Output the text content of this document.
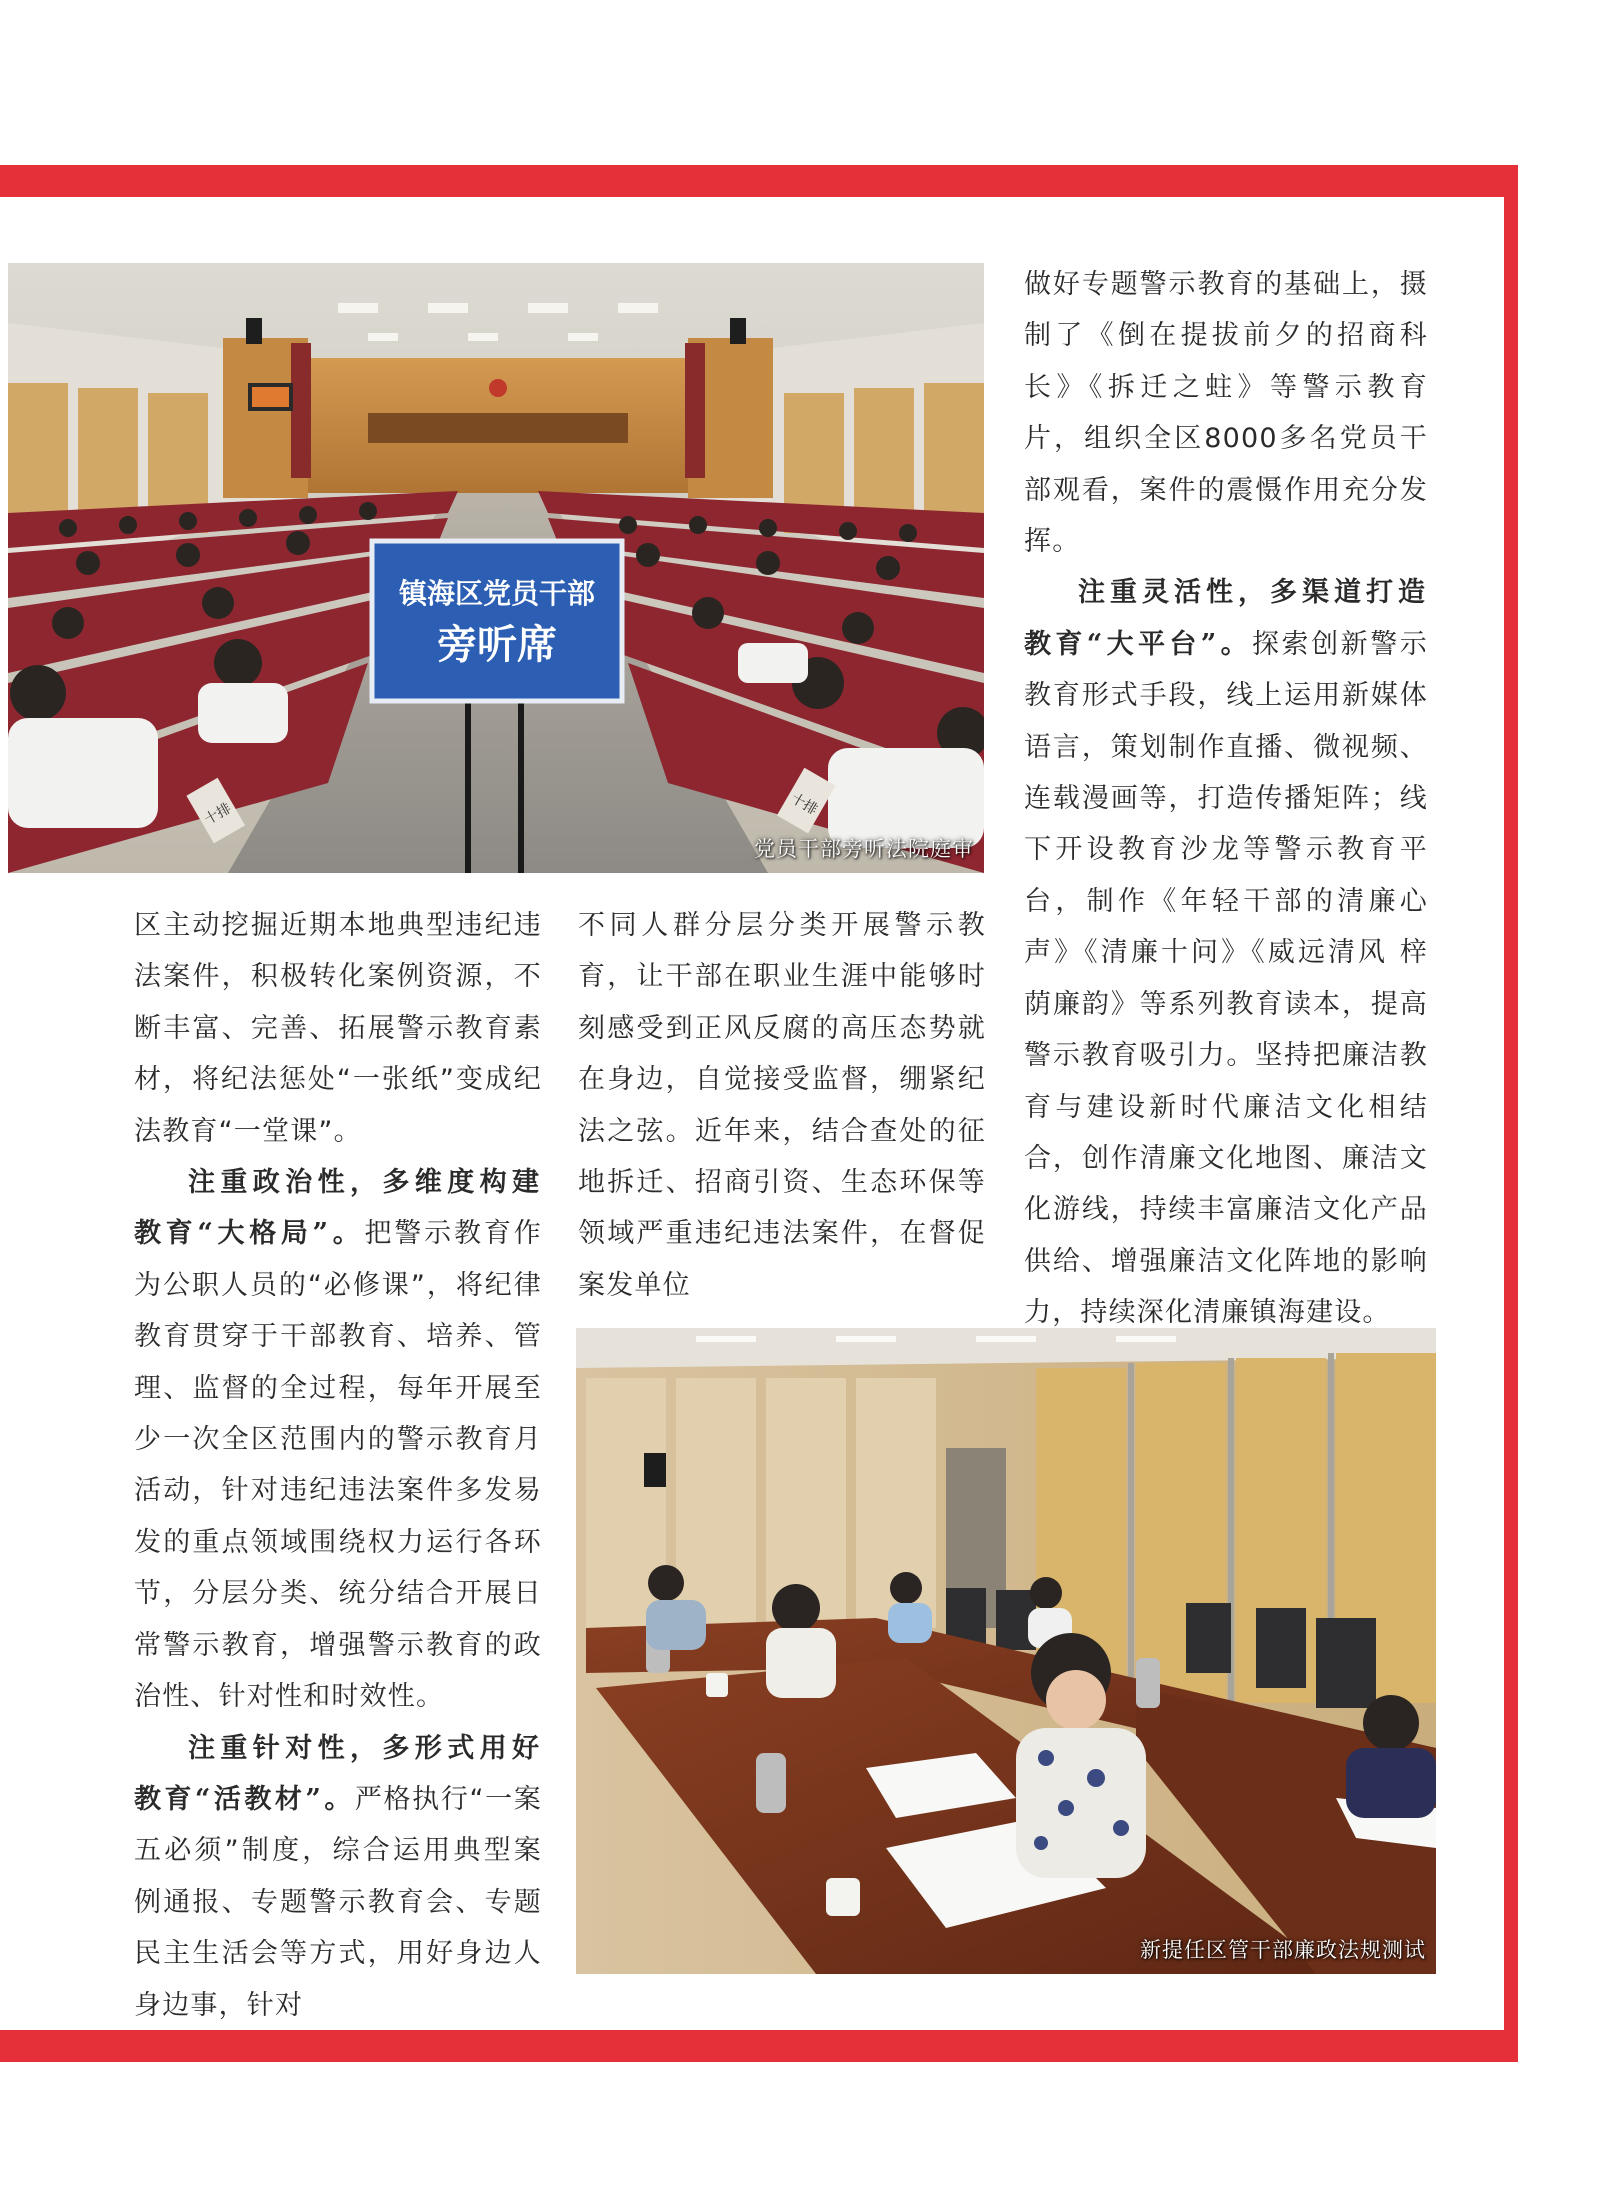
镇海区党员干部
旁听席
十排	十排
党员干部旁听法院庭审

做好专题警示教育的基础上，摄制了《倒在提拔前夕的招商科长》《拆迁之蛀》等警示教育片，组织全区8000多名党员干部观看，案件的震慑作用充分发挥。

注重灵活性，多渠道打造教育“大平台”。探索创新警示教育形式手段，线上运用新媒体语言，策划制作直播、微视频、连载漫画等，打造传播矩阵；线下开设教育沙龙等警示教育平台，制作《年轻干部的清廉心声》《清廉十问》《威远清风 梓荫廉韵》等系列教育读本，提高警示教育吸引力。坚持把廉洁教育与建设新时代廉洁文化相结合，创作清廉文化地图、廉洁文化游线，持续丰富廉洁文化产品供给、增强廉洁文化阵地的影响力，持续深化清廉镇海建设。

区主动挖掘近期本地典型违纪违法案件，积极转化案例资源，不断丰富、完善、拓展警示教育素材，将纪法惩处“一张纸”变成纪法教育“一堂课”。

注重政治性，多维度构建教育“大格局”。把警示教育作为公职人员的“必修课”，将纪律教育贯穿于干部教育、培养、管理、监督的全过程，每年开展至少一次全区范围内的警示教育月活动，针对违纪违法案件多发易发的重点领域围绕权力运行各环节，分层分类、统分结合开展日常警示教育，增强警示教育的政治性、针对性和时效性。

注重针对性，多形式用好教育“活教材”。严格执行“一案五必须”制度，综合运用典型案例通报、专题警示教育会、专题民主生活会等方式，用好身边人身边事，针对

不同人群分层分类开展警示教育，让干部在职业生涯中能够时刻感受到正风反腐的高压态势就在身边，自觉接受监督，绷紧纪法之弦。近年来，结合查处的征地拆迁、招商引资、生态环保等领域严重违纪违法案件，在督促案发单位

新提任区管干部廉政法规测试
